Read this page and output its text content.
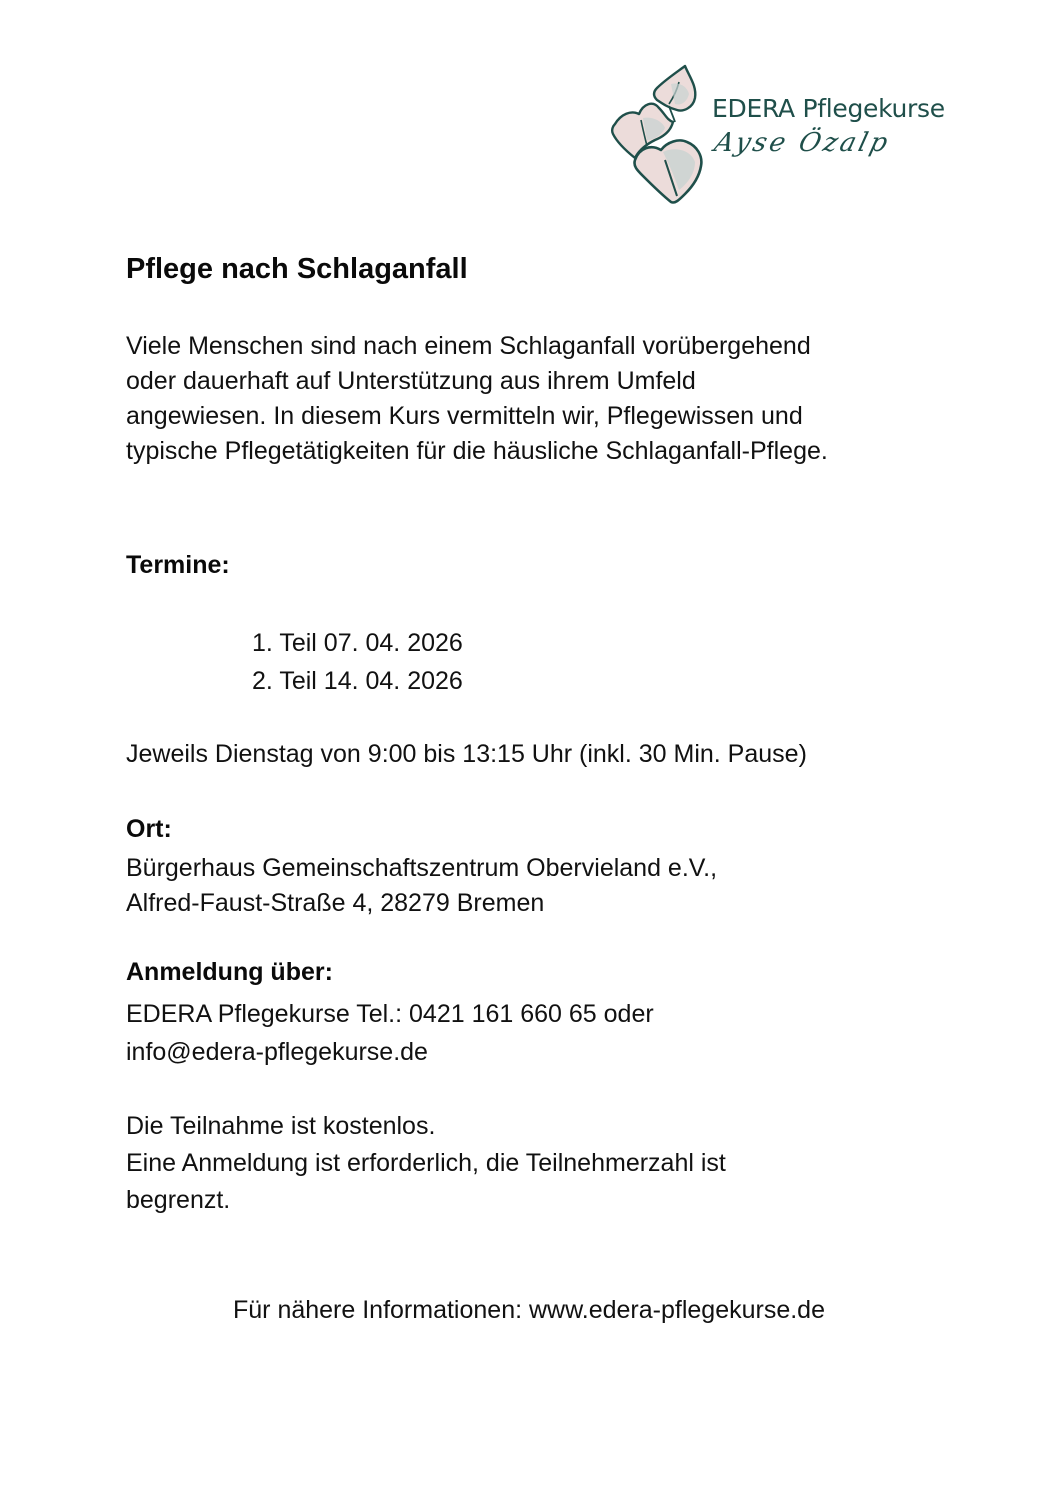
EDERA Pflegekurse
Ayse Özalp
Pflege nach Schlaganfall

Viele Menschen sind nach einem Schlaganfall vorübergehend
oder dauerhaft auf Unterstützung aus ihrem Umfeld
angewiesen. In diesem Kurs vermitteln wir, Pflegewissen und
typische Pflegetätigkeiten für die häusliche Schlaganfall-Pflege.

Termine:
1. Teil 07. 04. 2026
2. Teil 14. 04. 2026

Jeweils Dienstag von 9:00 bis 13:15 Uhr (inkl. 30 Min. Pause)

Ort:

Bürgerhaus Gemeinschaftszentrum Obervieland e.V.,
Alfred-Faust-Straße 4, 28279 Bremen

Anmeldung über:

EDERA Pflegekurse Tel.: 0421 161 660 65 oder
info@edera-pflegekurse.de

Die Teilnahme ist kostenlos.
Eine Anmeldung ist erforderlich, die Teilnehmerzahl ist
begrenzt.

Für nähere Informationen: www.edera-pflegekurse.de
